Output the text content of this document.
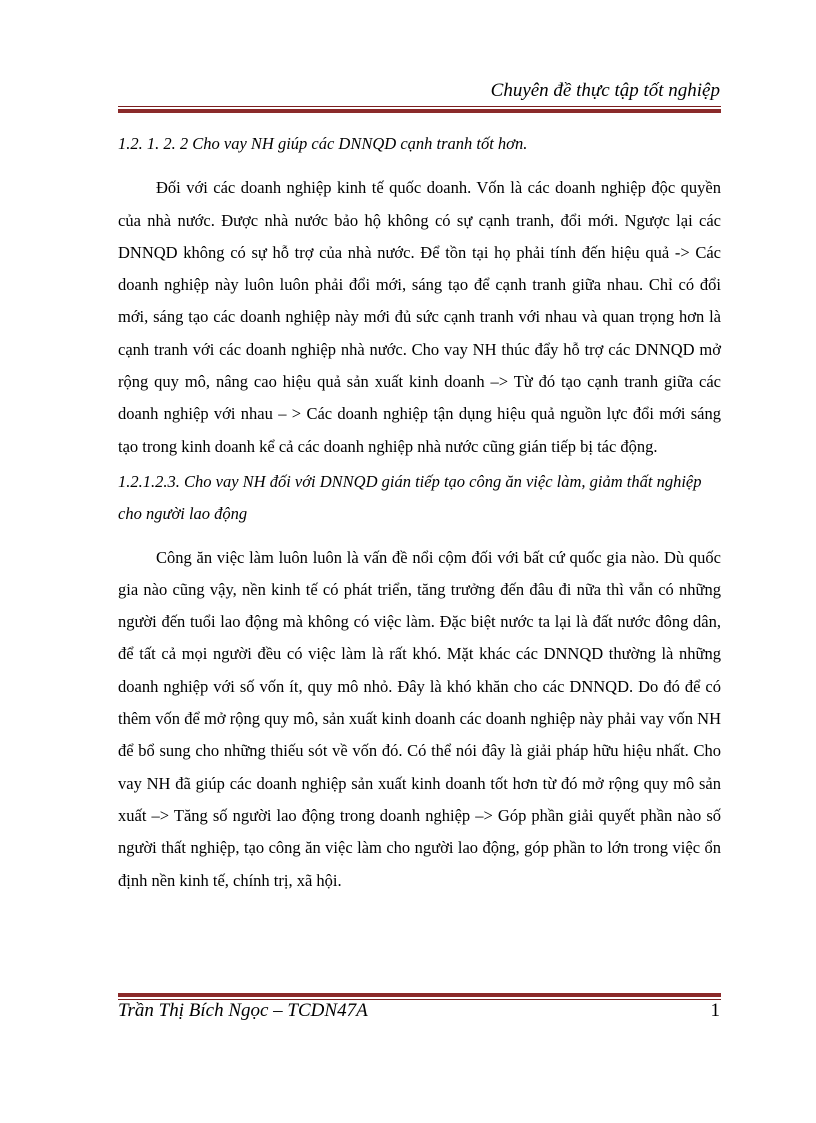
Chuyên đề thực tập tốt nghiệp

1.2. 1. 2. 2 Cho vay NH giúp các DNNQD cạnh tranh tốt hơn.

Đối với các doanh nghiệp kinh tế quốc doanh. Vốn là các doanh nghiệp độc quyền của nhà nước. Được nhà nước bảo hộ không có sự cạnh tranh, đổi mới. Ngược lại các DNNQD không có sự hỗ trợ của nhà nước. Để tồn tại họ phải tính đến hiệu quả -> Các doanh nghiệp này luôn luôn phải đổi mới, sáng tạo để cạnh tranh giữa nhau. Chỉ có đổi mới, sáng tạo các doanh nghiệp này mới đủ sức cạnh tranh với nhau và quan trọng hơn là cạnh tranh với các doanh nghiệp nhà nước. Cho vay NH thúc đẩy hỗ trợ các DNNQD mở rộng quy mô, nâng cao hiệu quả sản xuất kinh doanh –> Từ đó tạo cạnh tranh giữa các doanh nghiệp với nhau – > Các doanh nghiệp tận dụng hiệu quả nguồn lực đổi mới sáng tạo trong kinh doanh kể cả các doanh nghiệp nhà nước cũng gián tiếp bị tác động.

1.2.1.2.3. Cho vay NH đối với DNNQD gián tiếp tạo công ăn việc làm, giảm thất nghiệp cho người lao động

Công ăn việc làm luôn luôn là vấn đề nổi cộm đối với bất cứ quốc gia nào. Dù quốc gia nào cũng vậy, nền kinh tế có phát triển, tăng trưởng đến đâu đi nữa thì vẫn có những người đến tuổi lao động mà không có việc làm. Đặc biệt nước ta lại là đất nước đông dân, để tất cả mọi người đều có việc làm là rất khó. Mặt khác các DNNQD thường là những doanh nghiệp với số vốn ít, quy mô nhỏ. Đây là khó khăn cho các DNNQD. Do đó để có thêm vốn để mở rộng quy mô, sản xuất kinh doanh các doanh nghiệp này phải vay vốn NH để bổ sung cho những thiếu sót về vốn đó. Có thể nói đây là giải pháp hữu hiệu nhất. Cho vay NH đã giúp các doanh nghiệp sản xuất kinh doanh tốt hơn từ đó mở rộng quy mô sản xuất –> Tăng số người lao động trong doanh nghiệp –> Góp phần giải quyết phần nào số người thất nghiệp, tạo công ăn việc làm cho người lao động, góp phần to lớn trong việc ổn định nền kinh tế, chính trị, xã hội.

Trần Thị Bích Ngọc – TCDN47A	1
